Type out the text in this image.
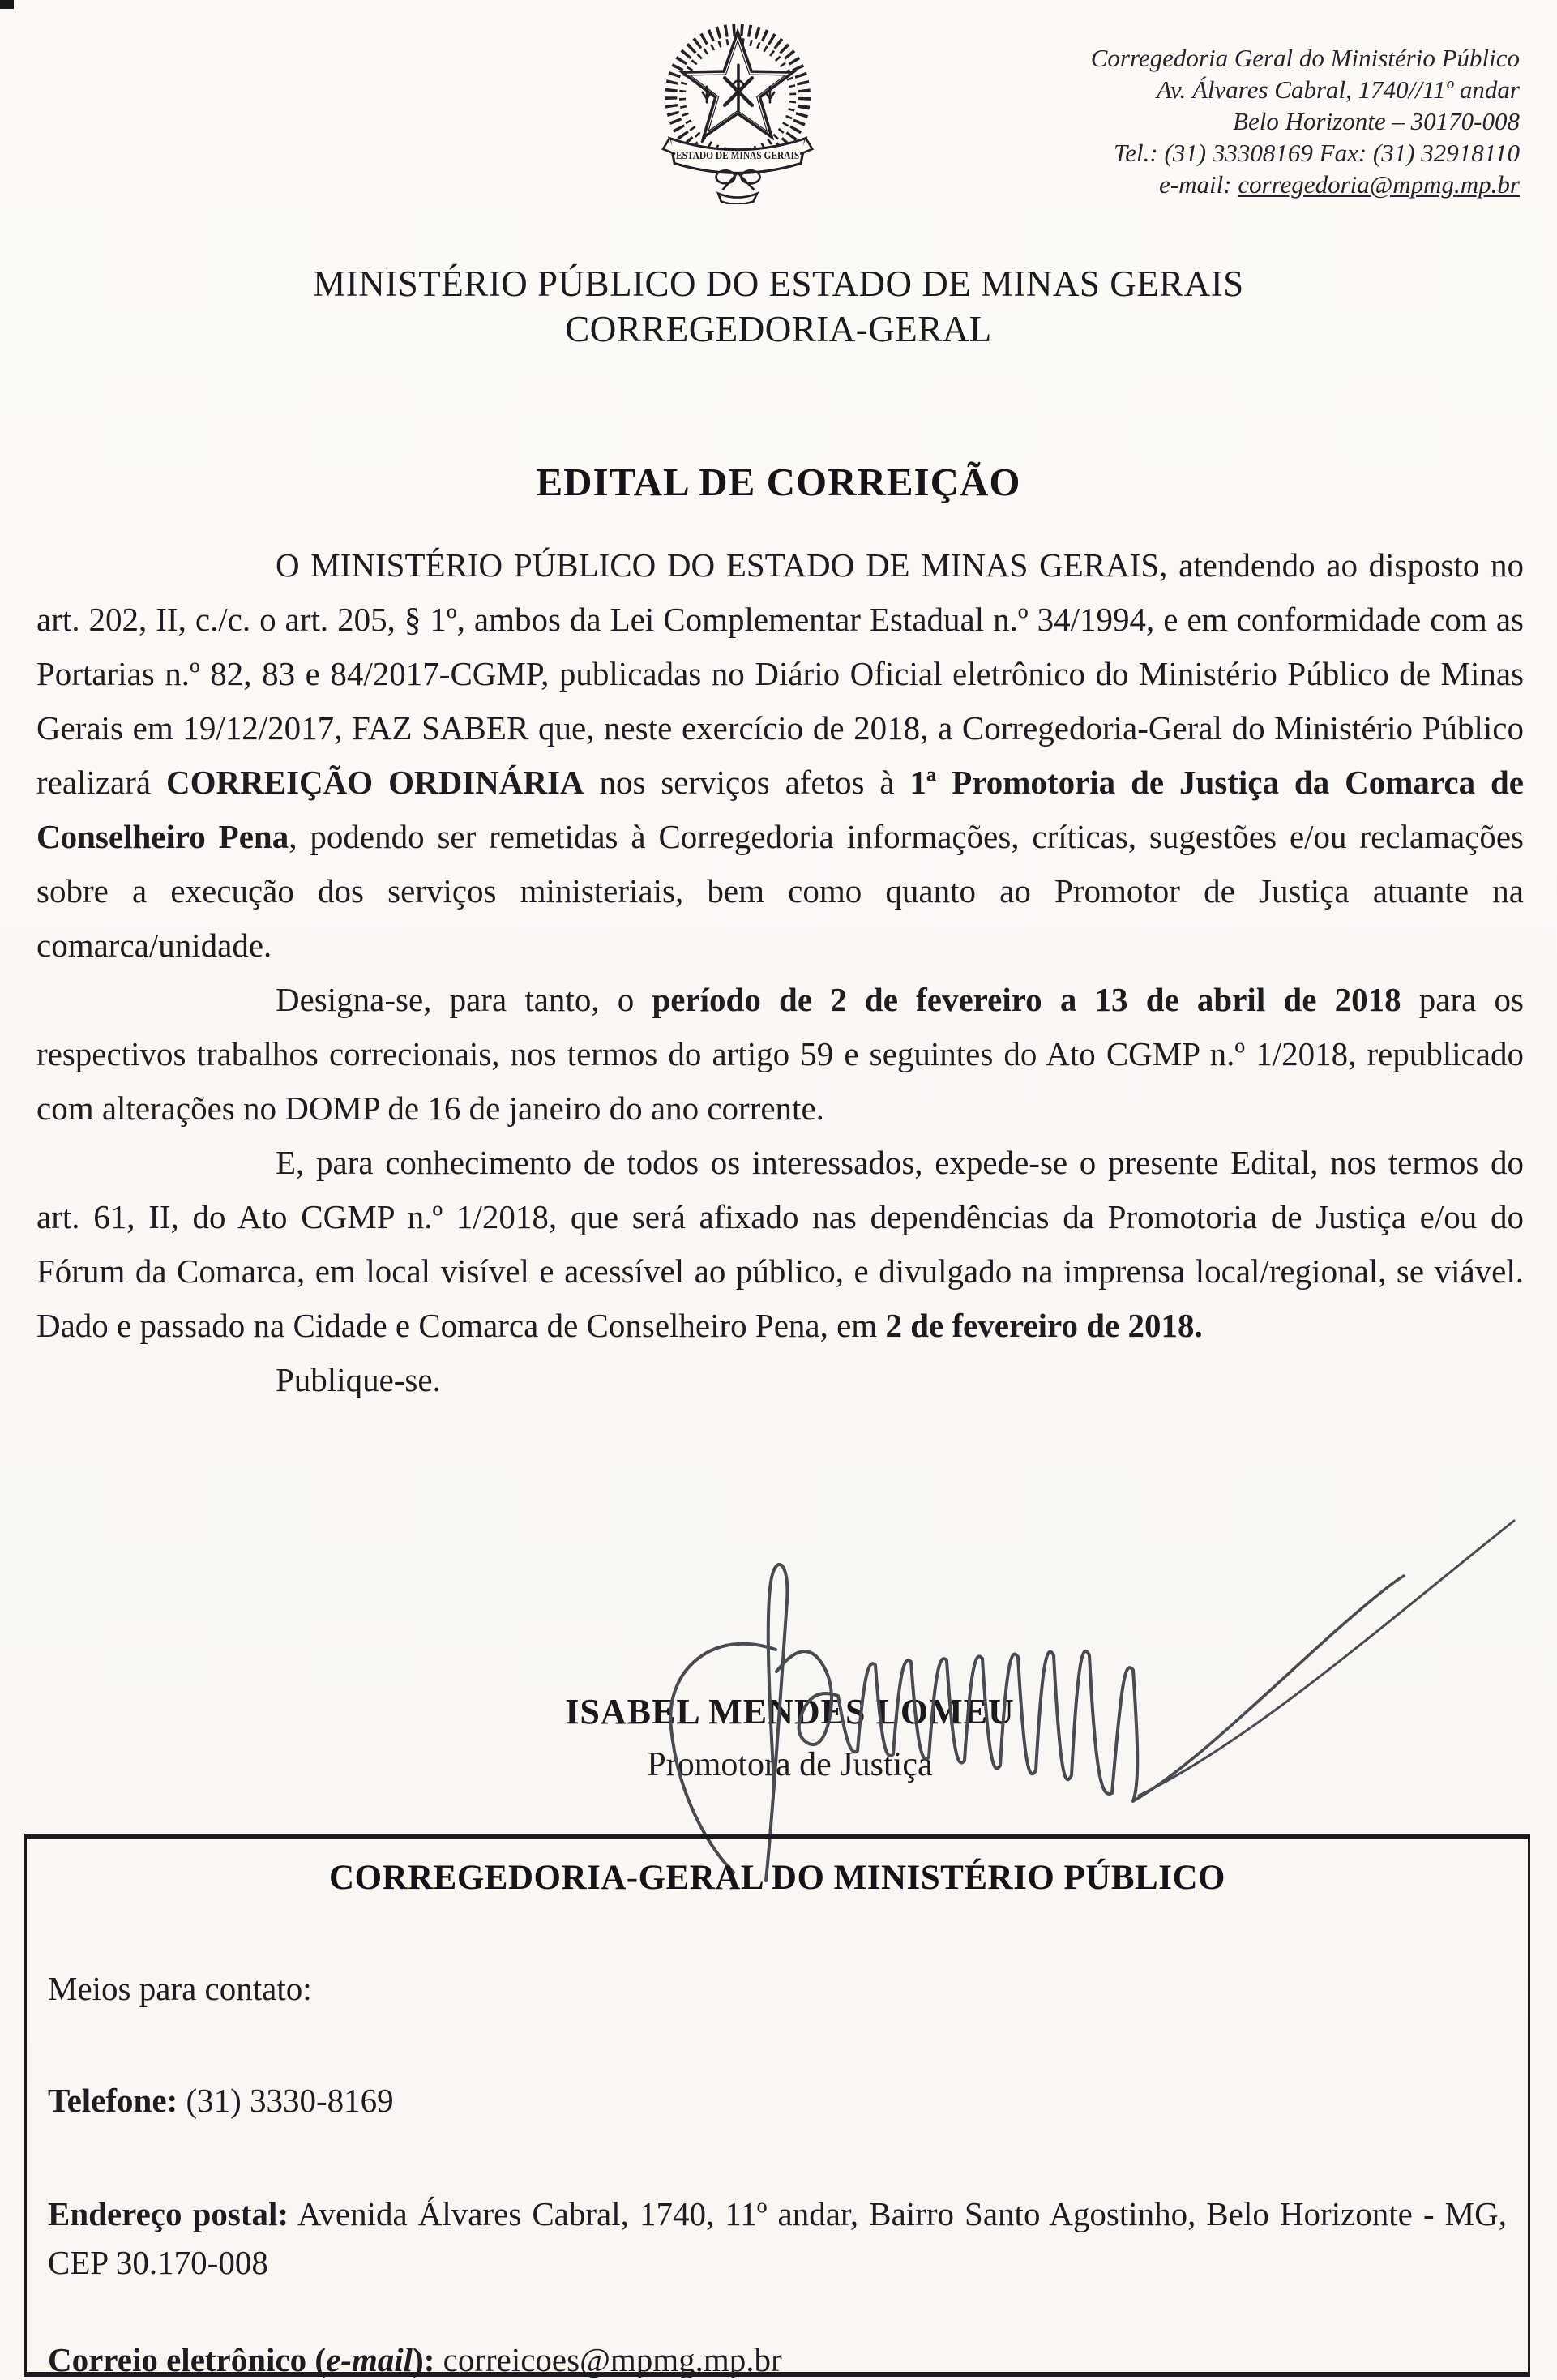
ESTADO DE MINAS GERAIS
Corregedoria Geral do Ministério Público
Av. Álvares Cabral, 1740//11º andar
Belo Horizonte – 30170-008
Tel.: (31) 33308169 Fax: (31) 32918110
e-mail: corregedoria@mpmg.mp.br
MINISTÉRIO PÚBLICO DO ESTADO DE MINAS GERAIS
CORREGEDORIA-GERAL
EDITAL DE CORREIÇÃO

O MINISTÉRIO PÚBLICO DO ESTADO DE MINAS GERAIS, atendendo ao disposto no art. 202, II, c./c. o art. 205, § 1º, ambos da Lei Complementar Estadual n.º 34/1994, e em conformidade com as Portarias n.º 82, 83 e 84/2017-CGMP, publicadas no Diário Oficial eletrônico do Ministério Público de Minas Gerais em 19/12/2017, FAZ SABER que, neste exercício de 2018, a Corregedoria-Geral do Ministério Público realizará CORREIÇÃO ORDINÁRIA nos serviços afetos à 1ª Promotoria de Justiça da Comarca de Conselheiro Pena, podendo ser remetidas à Corregedoria informações, críticas, sugestões e/ou reclamações sobre a execução dos serviços ministeriais, bem como quanto ao Promotor de Justiça atuante na comarca/unidade.

Designa-se, para tanto, o período de 2 de fevereiro a 13 de abril de 2018 para os respectivos trabalhos correcionais, nos termos do artigo 59 e seguintes do Ato CGMP n.º 1/2018, republicado com alterações no DOMP de 16 de janeiro do ano corrente.

E, para conhecimento de todos os interessados, expede-se o presente Edital, nos termos do art. 61, II, do Ato CGMP n.º 1/2018, que será afixado nas dependências da Promotoria de Justiça e/ou do Fórum da Comarca, em local visível e acessível ao público, e divulgado na imprensa local/regional, se viável. Dado e passado na Cidade e Comarca de Conselheiro Pena, em 2 de fevereiro de 2018.

Publique-se.

ISABEL MENDES LOMEU
Promotora de Justiça
CORREGEDORIA-GERAL DO MINISTÉRIO PÚBLICO
Meios para contato:
Telefone: (31) 3330-8169
Endereço postal: Avenida Álvares Cabral, 1740, 11º andar, Bairro Santo Agostinho, Belo Horizonte - MG, CEP 30.170-008
Correio eletrônico (e-mail): correicoes@mpmg.mp.br
